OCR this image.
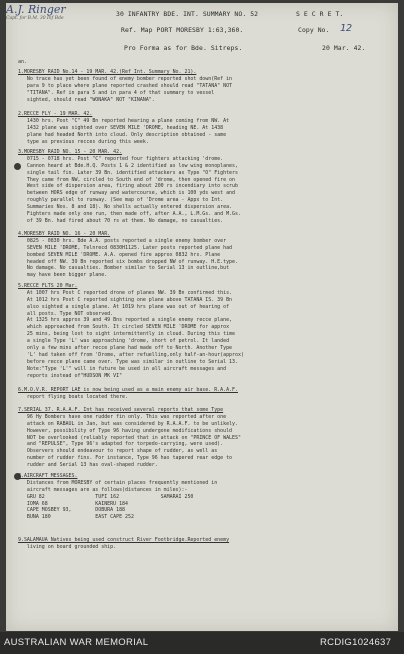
30 INFANTRY BDE. INT. SUMMARY NO. 52	S E C R E T.
Ref. Map PORT MORESBY 1:63,360.	Copy No. 12
Pro Forma as for Bde. Sitreps.	20 Mar. 42.
an.
1.MORESBY RAID No.14 - 19 MAR. 42.(Ref Int. Summary No. 21).
No trace has yet been found of enemy bomber reported shot down(Ref in
para 9 to place where plane reported crashed should read "TATANA" NOT
"TITANA". Ref in para 5 and in para 4 of that summary to vessel
sighted, should read "WONAKA" NOT "KINANA".
2.RECCE FLY - 19 MAR. 42.
1430 hrs. Post "C" 49 Bn reported hearing a plane coming from NW. At
1432 plane was sighted over SEVEN MILE 'DROME, heading NE. At 1438
plane had headed North into cloud. Only description obtained - same
type as previous recces during this week.
3.MORESBY RAID NO. 15 - 20 MAR. 42.
0715 - 0718 hrs. Post "C" reported four fighters attacking 'drome.
Cannon heard at Bde.H.Q. Posts 1 & 2 identified as low wing monoplanes,
single tail fin. Later 39 Bn. identified attackers as Type "O" Fighters
They came from NW, circled to South end of 'drome, then opened fire on
West side of dispersion area, firing about 200 rs incendiary into scrub
between HORS edge of runway and watercourse, which is 100 yds west and
roughly parallel to runway. (See map of 'Drome area - Appx to Int.
Summaries Nos. 8 and 18). No shells actually entered dispersion area.
Fighters made only one run, then made off, after A.A., L.M.Gs. and M.Gs.
of 39 Bn. had fired about 70 rs at them. No damage, no casualties.
4.MORESBY RAID NO. 16 - 20 MAR.
0825 - 0830 hrs. Bde A.A. posts reported a single enemy bomber over
SEVEN MILE 'DROME, Telnrecd 0830H1125. Later posts reported plane had
bombed SEVEN MILE 'DROME. A.A. opened fire approx 0832 hrs. Plane
headed off NW. 39 Bn reported six bombs dropped NW of runway. H.E.type.
No damage. No casualties. Bomber similar to Serial 13 in outline,but
may have been bigger plane.
5.RECCE FLTS 20 Mar.
At 1007 hrs Post C reported drone of planes NW. 39 Bn confirmed this.
At 1012 hrs Post C reported sighting one plane above TATANA IS. 39 Bn
also sighted a single plane. At 1019 hrs plane was out of hearing of
all posts. Type NOT observed.
At 1325 hrs approx 39 and 49 Bns reported a single enemy recce plane,
which approached from South. It circled SEVEN MILE 'DROME for approx
25 mins, being lost to sight intermittently in cloud. During this time
a single Type 'L' was approaching 'drome, short of petrol. It landed
only a few mins after recce plane had made off to North. Another Type
'L' had taken off from 'Drome, after refuelling,only half-an-hour(approx)
before recce plane came over. Type was similar in outline to Serial 13.
Note:"Type 'L'" will in future be used in all aircraft messages and
reports instead of"HUDSON MK VI"
6.M.O.V.R. REPORT LAE is now being used as a main enemy air base. R.A.A.F.
report flying boats located there.
7.SERIAL 37. R.A.A.F. Int has received several reports that some Type
96 Hy Bombers have one rudder fin only. This was reported after one
attack on RABAUL in Jan, but was considered by R.A.A.F. to be unlikely.
However, possibility of Type 96 having undergone modifications should
NOT be overlooked (reliably reported that in attack on "PRINCE OF WALES"
and "REPULSE", Type 96's adapted for torpedo-carrying, were used).
Observers should endeavour to report shape of rudder, as well as
number of rudder fins. For instance, Type 96 has tapered rear edge to
rudder and Serial 13 has oval-shaped rudder.
8.AIRCRAFT MESSAGES.
Distances from MORESBY of certain places frequently mentioned in
aircraft messages are as follows(distances in miles):-
GRU 82                 TUFI 162              SAMARAI 250
IOMA 68                KAINERU 184
CAPE MOSBEY 93,        DOBURA 188
BUNA 180               EAST CAPE 252
9.SALAMAUA Natives being used construct River Footbridge.Reported enemy
living on board grounded ship.
A.J. Ringer
Capt. for B.M. 30 Inf Bde
AUSTRALIAN WAR MEMORIAL	RCDIG1024637
